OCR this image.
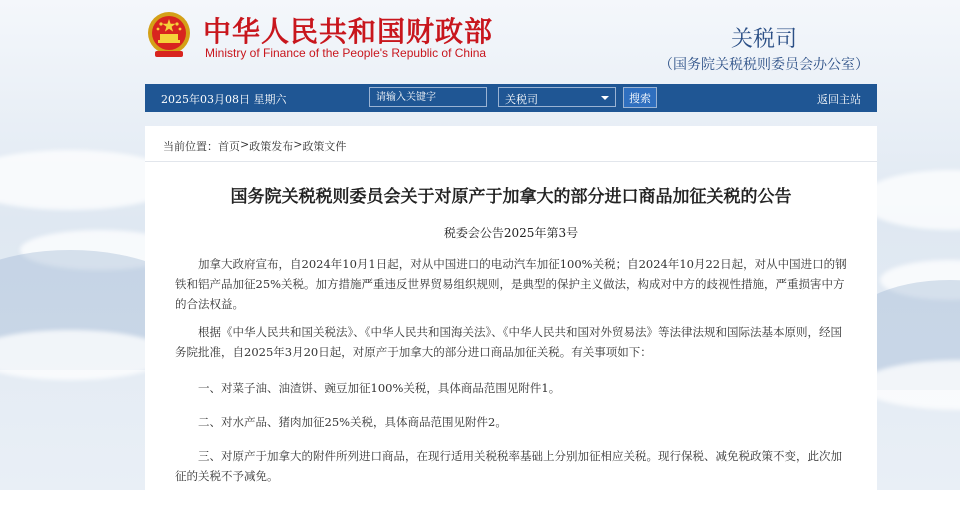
中华人民共和国财政部
Ministry of Finance of the People's Republic of China
关税司
（国务院关税税则委员会办公室）
2025年03月08日 星期六
请输入关键字	关税司	搜索	返回主站
当前位置： 首页 > 政策发布 > 政策文件
国务院关税税则委员会关于对原产于加拿大的部分进口商品加征关税的公告
税委会公告2025年第3号

加拿大政府宣布，自2024年10月1日起，对从中国进口的电动汽车加征100%关税；自2024年10月22日起，对从中国进口的钢铁和铝产品加征25%关税。加方措施严重违反世界贸易组织规则，是典型的保护主义做法，构成对中方的歧视性措施，严重损害中方的合法权益。

根据《中华人民共和国关税法》、《中华人民共和国海关法》、《中华人民共和国对外贸易法》等法律法规和国际法基本原则，经国务院批准，自2025年3月20日起，对原产于加拿大的部分进口商品加征关税。有关事项如下：

一、对菜子油、油渣饼、豌豆加征100%关税，具体商品范围见附件1。

二、对水产品、猪肉加征25%关税，具体商品范围见附件2。

三、对原产于加拿大的附件所列进口商品，在现行适用关税税率基础上分别加征相应关税。现行保税、减免税政策不变，此次加征的关税不予减免。
